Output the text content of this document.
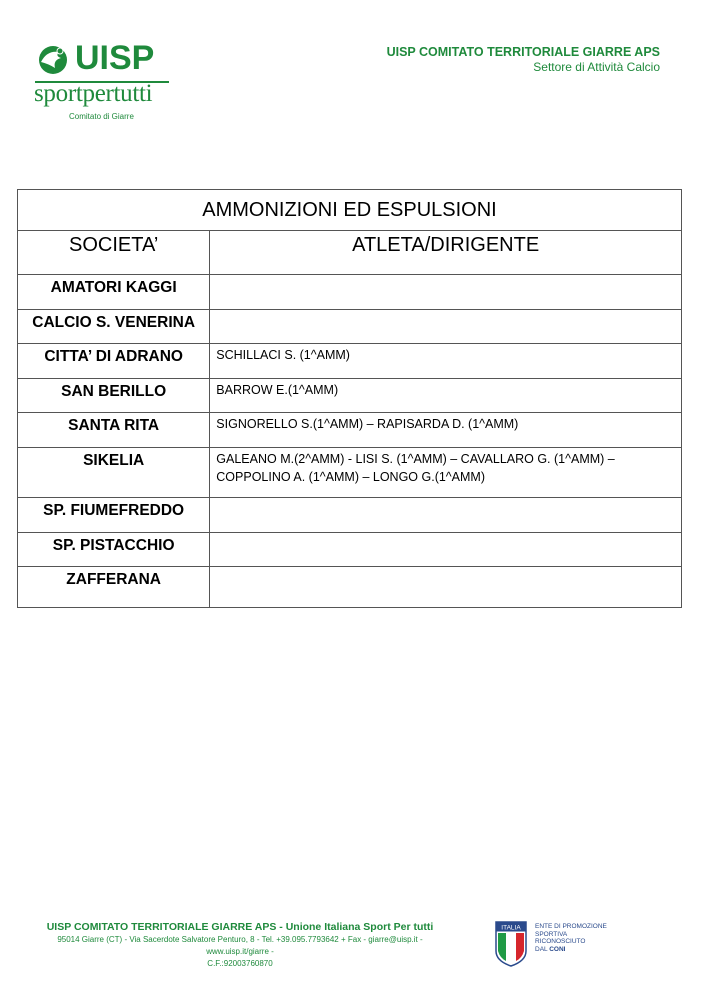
UISP
sportpertutti
Comitato di Giarre
UISP COMITATO TERRITORIALE GIARRE APS
Settore di Attività Calcio
AMMONIZIONI ED ESPULSIONI	
SOCIETA’	ATLETA/DIRIGENTE
AMATORI KAGGI	
CALCIO S. VENERINA	
CITTA’ DI ADRANO	SCHILLACI S. (1^AMM)
SAN BERILLO	BARROW E.(1^AMM)
SANTA RITA	SIGNORELLO S.(1^AMM) – RAPISARDA D. (1^AMM)
SIKELIA	GALEANO M.(2^AMM) - LISI S. (1^AMM) – CAVALLARO G. (1^AMM) – COPPOLINO A. (1^AMM) – LONGO G.(1^AMM)
SP. FIUMEFREDDO	
SP. PISTACCHIO	
ZAFFERANA	
UISP COMITATO TERRITORIALE GIARRE APS - Unione Italiana Sport Per tutti
95014 Giarre (CT) - Via Sacerdote Salvatore Penturo, 8 - Tel. +39.095.7793642 + Fax - giarre@uisp.it - www.uisp.it/giarre -
C.F.:92003760870
ITALIA ENTE DI PROMOZIONE
SPORTIVA
RICONOSCIUTO
DAL CONI
